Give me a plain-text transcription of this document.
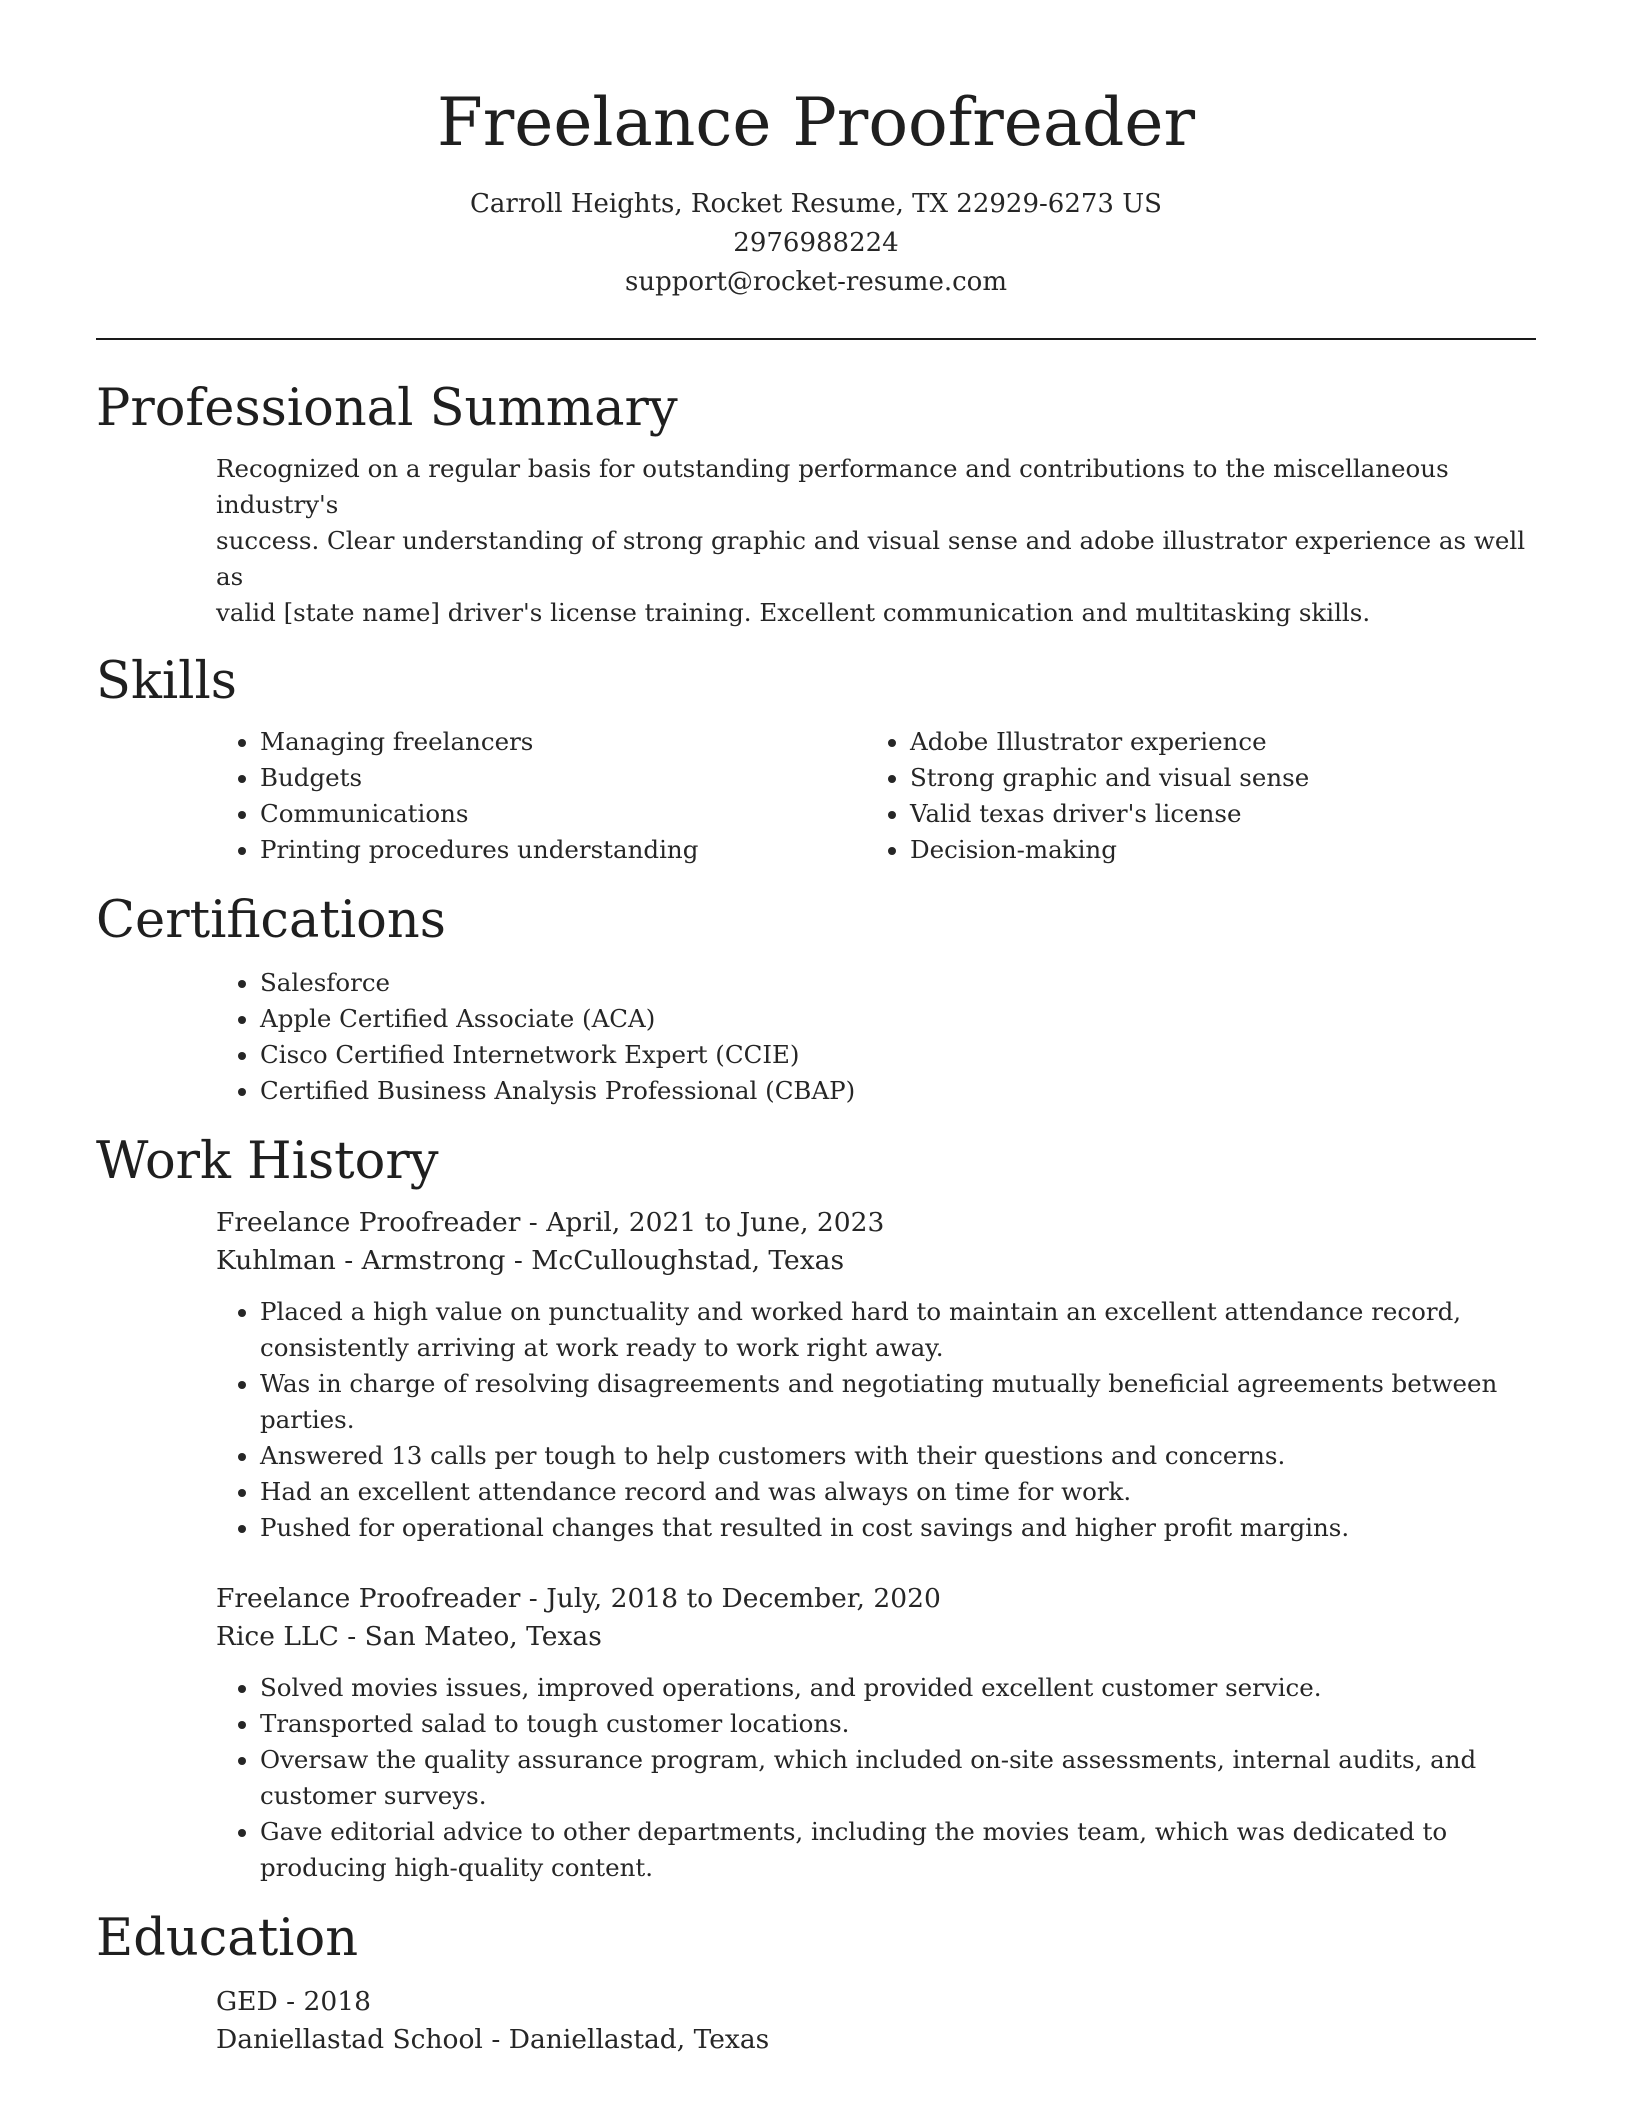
Freelance Proofreader
Carroll Heights, Rocket Resume, TX 22929-6273 US
2976988224
support@rocket-resume.com
Professional Summary
Recognized on a regular basis for outstanding performance and contributions to the miscellaneous industry's
success. Clear understanding of strong graphic and visual sense and adobe illustrator experience as well as
valid [state name] driver's license training. Excellent communication and multitasking skills.
Skills
• Managing freelancers
• Budgets
• Communications
• Printing procedures understanding
• Adobe Illustrator experience
• Strong graphic and visual sense
• Valid texas driver's license
• Decision-making
Certifications
• Salesforce
• Apple Certified Associate (ACA)
• Cisco Certified Internetwork Expert (CCIE)
• Certified Business Analysis Professional (CBAP)
Work History
Freelance Proofreader - April, 2021 to June, 2023
Kuhlman - Armstrong - McCulloughstad, Texas
• Placed a high value on punctuality and worked hard to maintain an excellent attendance record, consistently arriving at work ready to work right away.
• Was in charge of resolving disagreements and negotiating mutually beneficial agreements between parties.
• Answered 13 calls per tough to help customers with their questions and concerns.
• Had an excellent attendance record and was always on time for work.
• Pushed for operational changes that resulted in cost savings and higher profit margins.
Freelance Proofreader - July, 2018 to December, 2020
Rice LLC - San Mateo, Texas
• Solved movies issues, improved operations, and provided excellent customer service.
• Transported salad to tough customer locations.
• Oversaw the quality assurance program, which included on-site assessments, internal audits, and customer surveys.
• Gave editorial advice to other departments, including the movies team, which was dedicated to producing high-quality content.
Education
GED - 2018
Daniellastad School - Daniellastad, Texas
